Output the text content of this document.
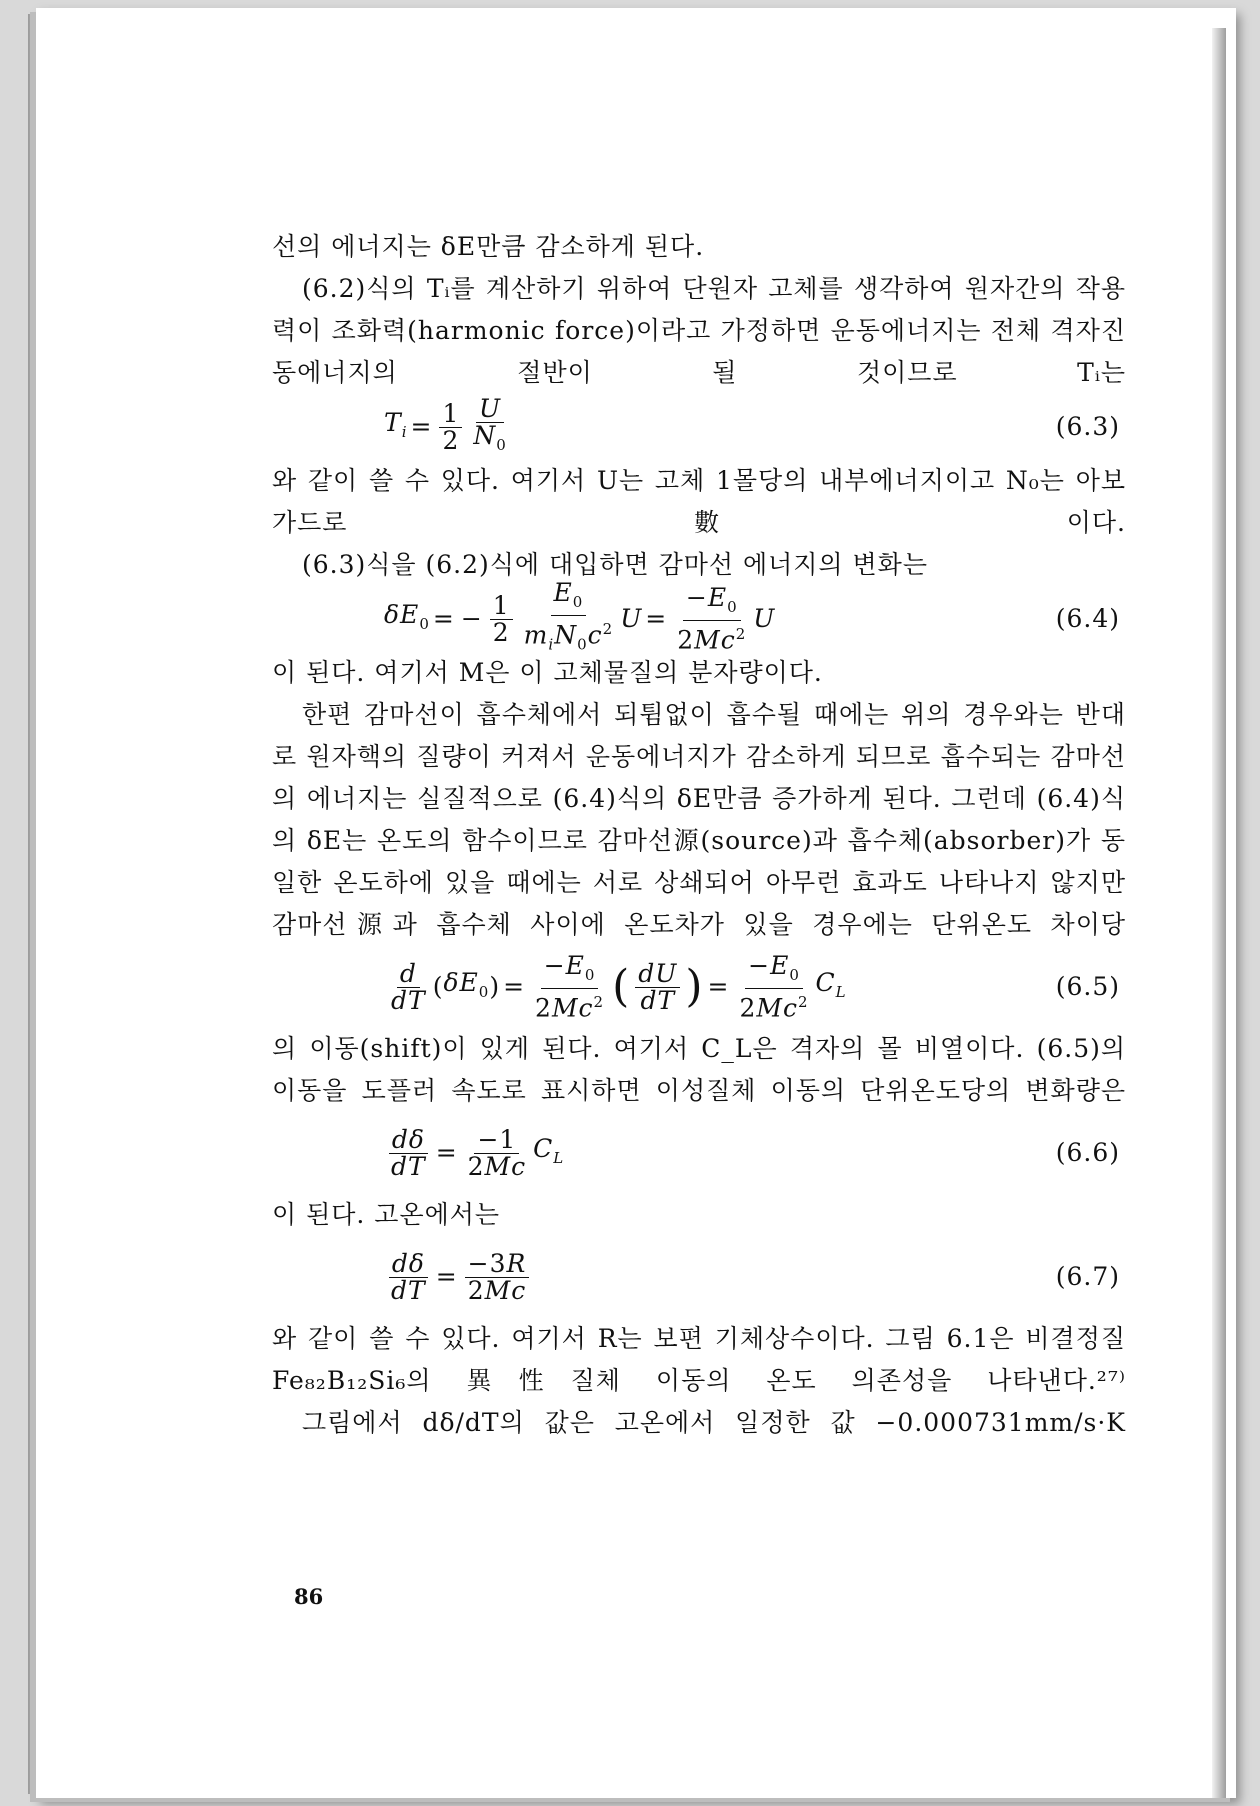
선의 에너지는 δE만큼 감소하게 된다.

(6.2)식의 Tᵢ를 계산하기 위하여 단원자 고체를 생각하여 원자간의 작용력이 조화력(harmonic force)이라고 가정하면 운동에너지는 전체 격자진동에너지의 절반이 될 것이므로 Tᵢ는

$T_i = \frac{1}{2} \frac{U}{N_0}$	(6.3)

와 같이 쓸 수 있다. 여기서 U는 고체 1몰당의 내부에너지이고 N₀는 아보가드로數이다.

(6.3)식을 (6.2)식에 대입하면 감마선 에너지의 변화는

$\delta E_0$ = − $\frac{1}{2} \frac{E_0}{m_iN_0c^2}$ $U = \frac{-E_0}{2Mc^2}$ U	(6.4)

이 된다. 여기서 M은 이 고체물질의 분자량이다.

한편 감마선이 흡수체에서 되튐없이 흡수될 때에는 위의 경우와는 반대로 원자핵의 질량이 커져서 운동에너지가 감소하게 되므로 흡수되는 감마선의 에너지는 실질적으로 (6.4)식의 δE만큼 증가하게 된다. 그런데 (6.4)식의 δE는 온도의 함수이므로 감마선源(source)과 흡수체(absorber)가 동일한 온도하에 있을 때에는 서로 상쇄되어 아무런 효과도 나타나지 않지만 감마선源과 흡수체 사이에 온도차가 있을 경우에는 단위온도 차이당

$\frac{d}{dT}$ ( $\delta E_0$ ) = $\frac{-E_0}{2Mc^2}$ ( $\frac{dU}{dT}$ ) = $\frac{-E_0}{2Mc^2} C_L$	(6.5)

의 이동(shift)이 있게 된다. 여기서 C_L은 격자의 몰 비열이다. (6.5)의 이동을 도플러 속도로 표시하면 이성질체 이동의 단위온도당의 변화량은

$\frac{d\delta}{dT} = \frac{-1}{2Mc} C_L$	(6.6)

이 된다. 고온에서는

$\frac{d\delta}{dT} = \frac{-3R}{2Mc}$	(6.7)

와 같이 쓸 수 있다. 여기서 R는 보편 기체상수이다. 그림 6.1은 비결정질 Fe₈₂B₁₂Si₆의 異性질체 이동의 온도 의존성을 나타낸다.²⁷⁾

그림에서 dδ/dT의 값은 고온에서 일정한 값 −0.000731mm/s·K

86
